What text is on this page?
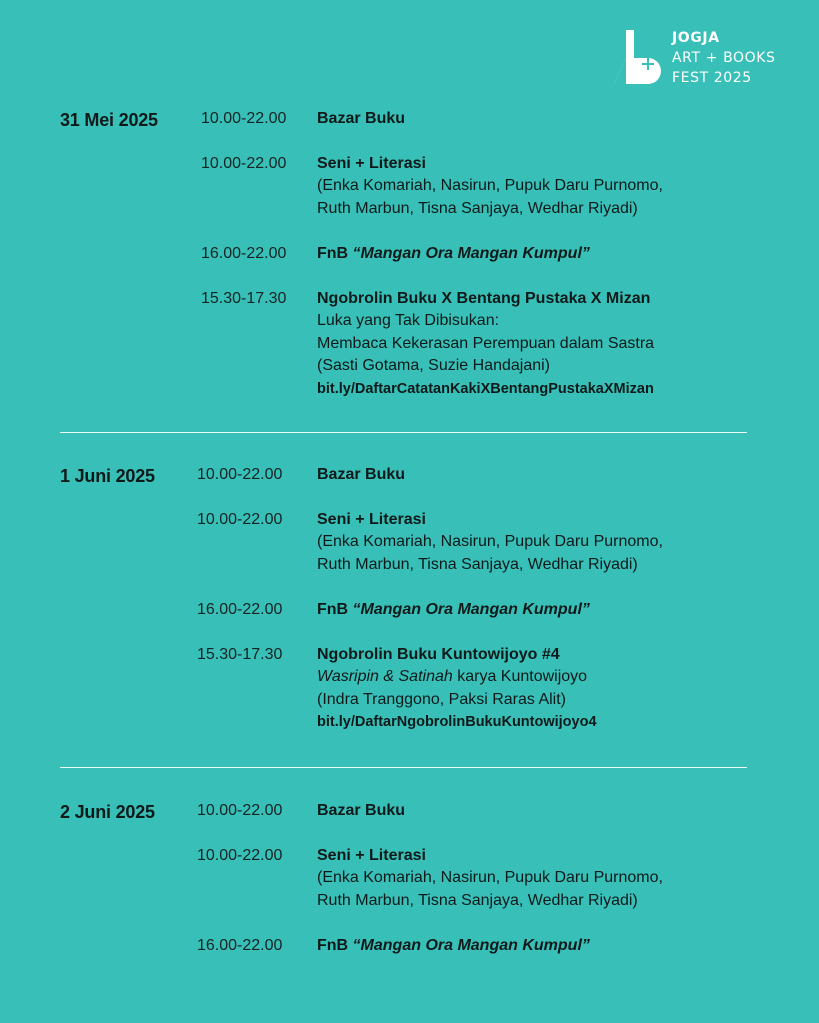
JOGJA
ART + BOOKS
FEST 2025
31 Mei 2025	10.00-22.00 Bazar Buku
10.00-22.00 Seni + Literasi
(Enka Komariah, Nasirun, Pupuk Daru Purnomo,
Ruth Marbun, Tisna Sanjaya, Wedhar Riyadi)
16.00-22.00 FnB “Mangan Ora Mangan Kumpul”
15.30-17.30 Ngobrolin Buku X Bentang Pustaka X Mizan
Luka yang Tak Dibisukan:
Membaca Kekerasan Perempuan dalam Sastra
(Sasti Gotama, Suzie Handajani)
bit.ly/DaftarCatatanKakiXBentangPustakaXMizan
1 Juni 2025	10.00-22.00 Bazar Buku
10.00-22.00 Seni + Literasi
(Enka Komariah, Nasirun, Pupuk Daru Purnomo,
Ruth Marbun, Tisna Sanjaya, Wedhar Riyadi)
16.00-22.00 FnB “Mangan Ora Mangan Kumpul”
15.30-17.30 Ngobrolin Buku Kuntowijoyo #4
Wasripin & Satinah karya Kuntowijoyo
(Indra Tranggono, Paksi Raras Alit)
bit.ly/DaftarNgobrolinBukuKuntowijoyo4
2 Juni 2025	10.00-22.00 Bazar Buku
10.00-22.00 Seni + Literasi
(Enka Komariah, Nasirun, Pupuk Daru Purnomo,
Ruth Marbun, Tisna Sanjaya, Wedhar Riyadi)
16.00-22.00 FnB “Mangan Ora Mangan Kumpul”
